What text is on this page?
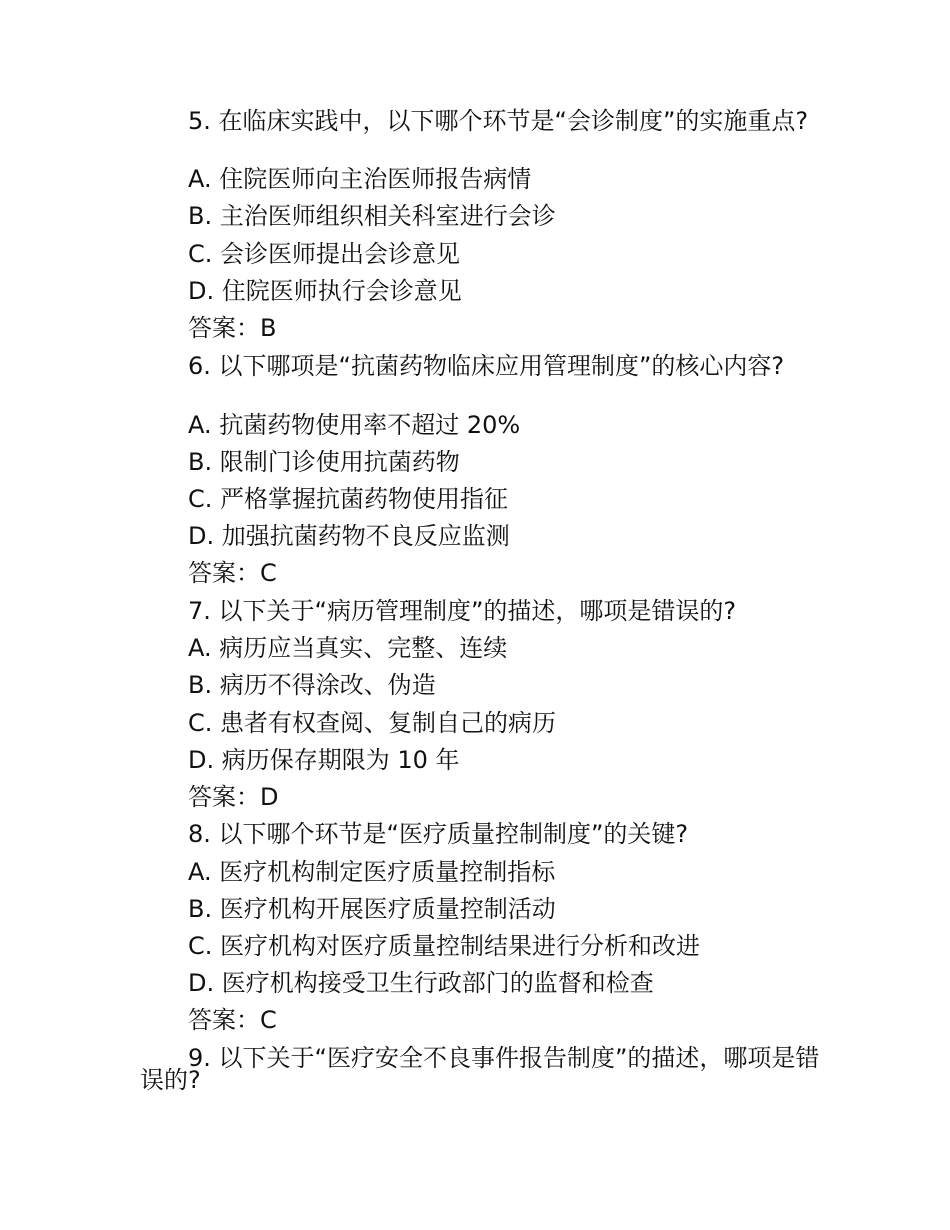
5. 在临床实践中，以下哪个环节是“会诊制度”的实施重点?
A. 住院医师向主治医师报告病情
B. 主治医师组织相关科室进行会诊
C. 会诊医师提出会诊意见
D. 住院医师执行会诊意见
答案：B
6. 以下哪项是“抗菌药物临床应用管理制度”的核心内容?
A. 抗菌药物使用率不超过 20%
B. 限制门诊使用抗菌药物
C. 严格掌握抗菌药物使用指征
D. 加强抗菌药物不良反应监测
答案：C
7. 以下关于“病历管理制度”的描述，哪项是错误的?
A. 病历应当真实、完整、连续
B. 病历不得涂改、伪造
C. 患者有权查阅、复制自己的病历
D. 病历保存期限为 10 年
答案：D
8. 以下哪个环节是“医疗质量控制制度”的关键?
A. 医疗机构制定医疗质量控制指标
B. 医疗机构开展医疗质量控制活动
C. 医疗机构对医疗质量控制结果进行分析和改进
D. 医疗机构接受卫生行政部门的监督和检查
答案：C
9. 以下关于“医疗安全不良事件报告制度”的描述，哪项是错误的?
